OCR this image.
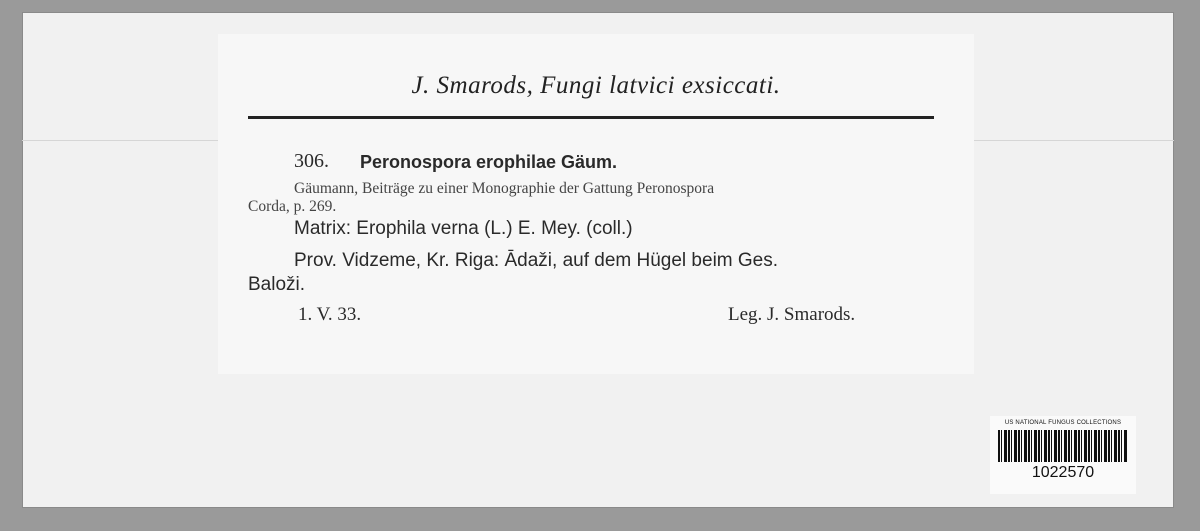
J. Smarods, Fungi latvici exsiccati.
306. Peronospora erophilae Gäum.
Gäumann, Beiträge zu einer Monographie der Gattung Peronospora
Corda, p. 269.
Matrix: Erophila verna (L.) E. Mey. (coll.)
Prov. Vidzeme, Kr. Riga: Ādaži, auf dem Hügel beim Ges.
Baloži.
1. V. 33.	Leg. J. Smarods.
US NATIONAL FUNGUS COLLECTIONS
1022570
